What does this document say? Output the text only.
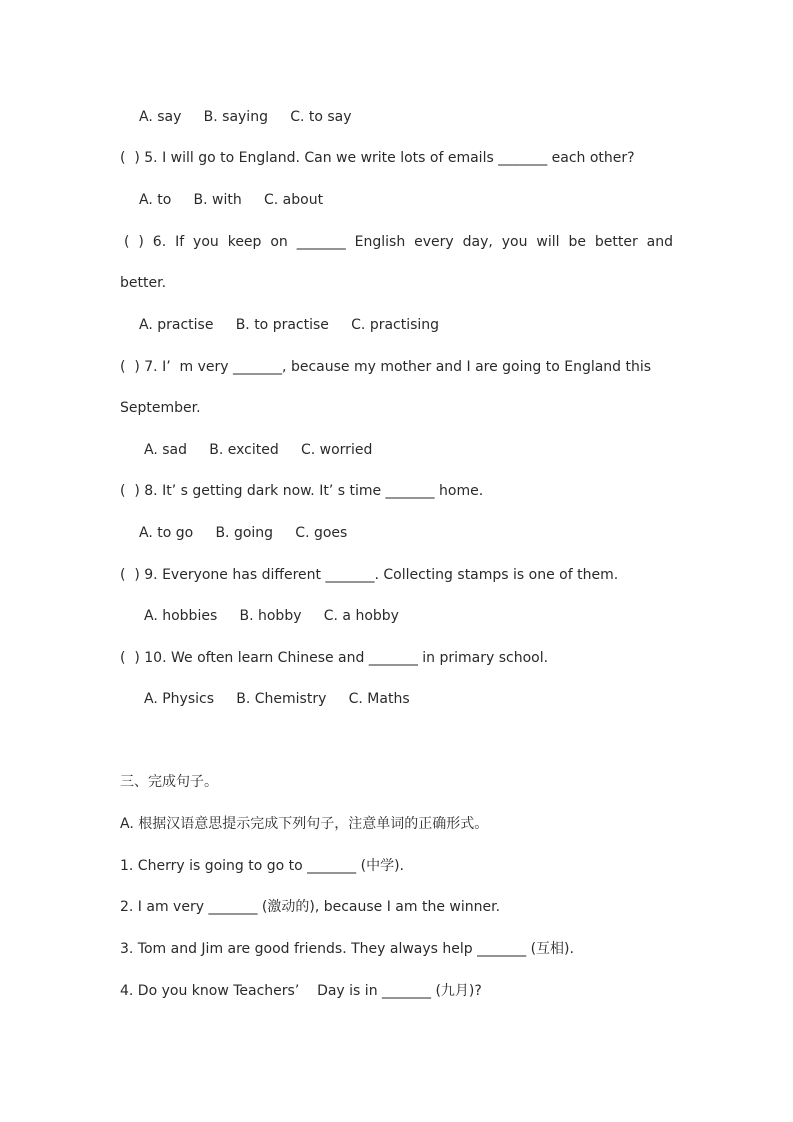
A. say     B. saying     C. to say
(  ) 5. I will go to England. Can we write lots of emails _______ each other?
A. to     B. with     C. about
( ) 6. If you keep on _______ English every day, you will be better and
better.
A. practise     B. to practise     C. practising
(  ) 7. I’  m very _______, because my mother and I are going to England this
September.
A. sad     B. excited     C. worried
(  ) 8. It’ s getting dark now. It’ s time _______ home.
A. to go     B. going     C. goes
(  ) 9. Everyone has different _______. Collecting stamps is one of them.
A. hobbies     B. hobby     C. a hobby
(  ) 10. We often learn Chinese and _______ in primary school.
A. Physics     B. Chemistry     C. Maths
三、完成句子。
A. 根据汉语意思提示完成下列句子，注意单词的正确形式。
1. Cherry is going to go to _______ (中学).
2. I am very _______ (激动的), because I am the winner.
3. Tom and Jim are good friends. They always help _______ (互相).
4. Do you know Teachers’    Day is in _______ (九月)?
